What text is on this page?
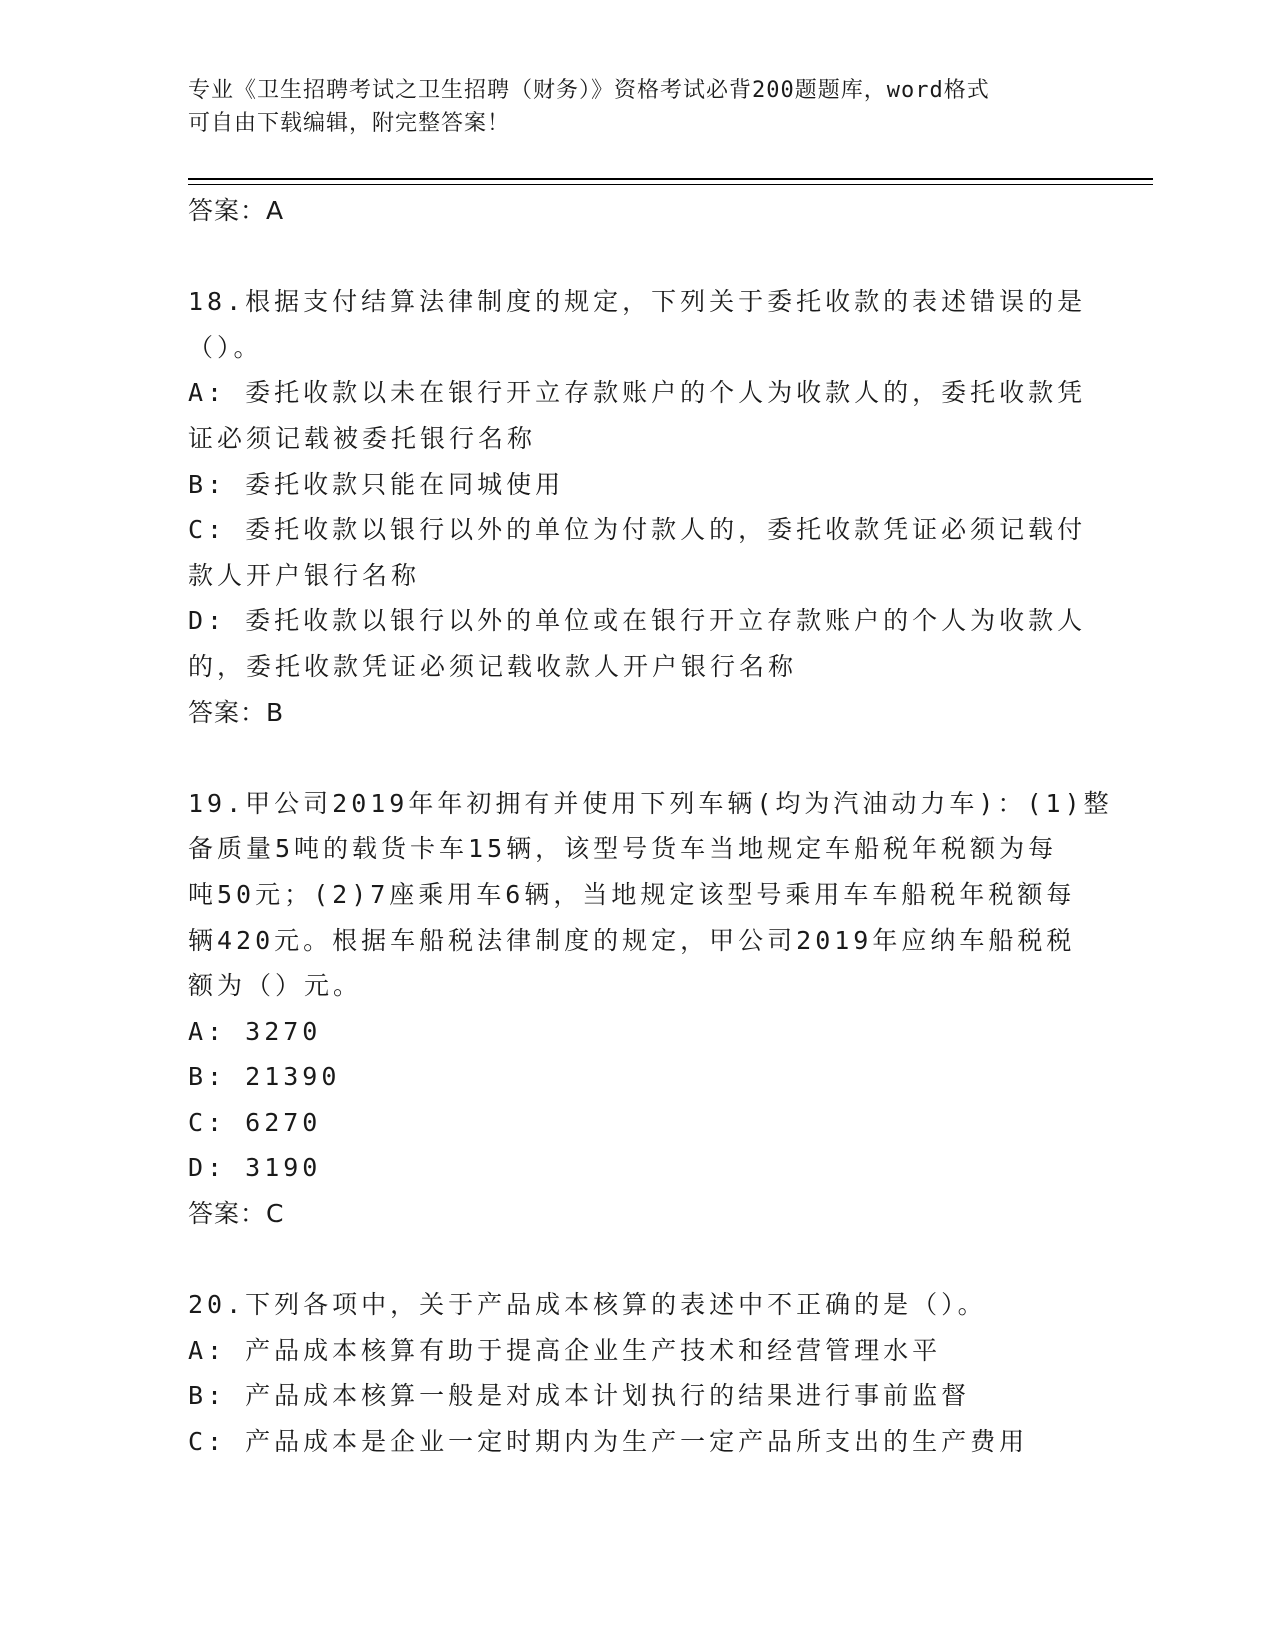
专业《卫生招聘考试之卫生招聘（财务）》资格考试必背200题题库，word格式
可自由下载编辑，附完整答案！
答案：A
18.根据支付结算法律制度的规定，下列关于委托收款的表述错误的是
（）。
A: 委托收款以未在银行开立存款账户的个人为收款人的，委托收款凭
证必须记载被委托银行名称
B: 委托收款只能在同城使用
C: 委托收款以银行以外的单位为付款人的，委托收款凭证必须记载付
款人开户银行名称
D: 委托收款以银行以外的单位或在银行开立存款账户的个人为收款人
的，委托收款凭证必须记载收款人开户银行名称
答案：B
19.甲公司2019年年初拥有并使用下列车辆(均为汽油动力车)：(1)整
备质量5吨的载货卡车15辆，该型号货车当地规定车船税年税额为每
吨50元；(2)7座乘用车6辆，当地规定该型号乘用车车船税年税额每
辆420元。根据车船税法律制度的规定，甲公司2019年应纳车船税税
额为（）元。
A: 3270
B: 21390
C: 6270
D: 3190
答案：C
20.下列各项中，关于产品成本核算的表述中不正确的是（）。
A: 产品成本核算有助于提高企业生产技术和经营管理水平
B: 产品成本核算一般是对成本计划执行的结果进行事前监督
C: 产品成本是企业一定时期内为生产一定产品所支出的生产费用
